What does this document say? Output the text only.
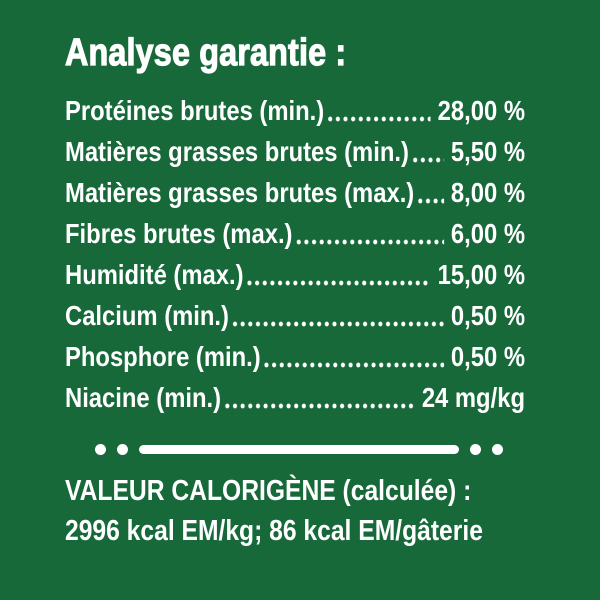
Analyse garantie :
Protéines brutes (min.)	28,00 %
Matières grasses brutes (min.) 5,50 %
Matières grasses brutes (max.) 8,00 %
Fibres brutes (max.)	6,00 %
Humidité (max.)	15,00 %
Calcium (min.)	0,50 %
Phosphore (min.)	0,50 %
Niacine (min.)	24 mg/kg
VALEUR CALORIGÈNE (calculée) :
2996 kcal EM/kg; 86 kcal EM/gâterie
